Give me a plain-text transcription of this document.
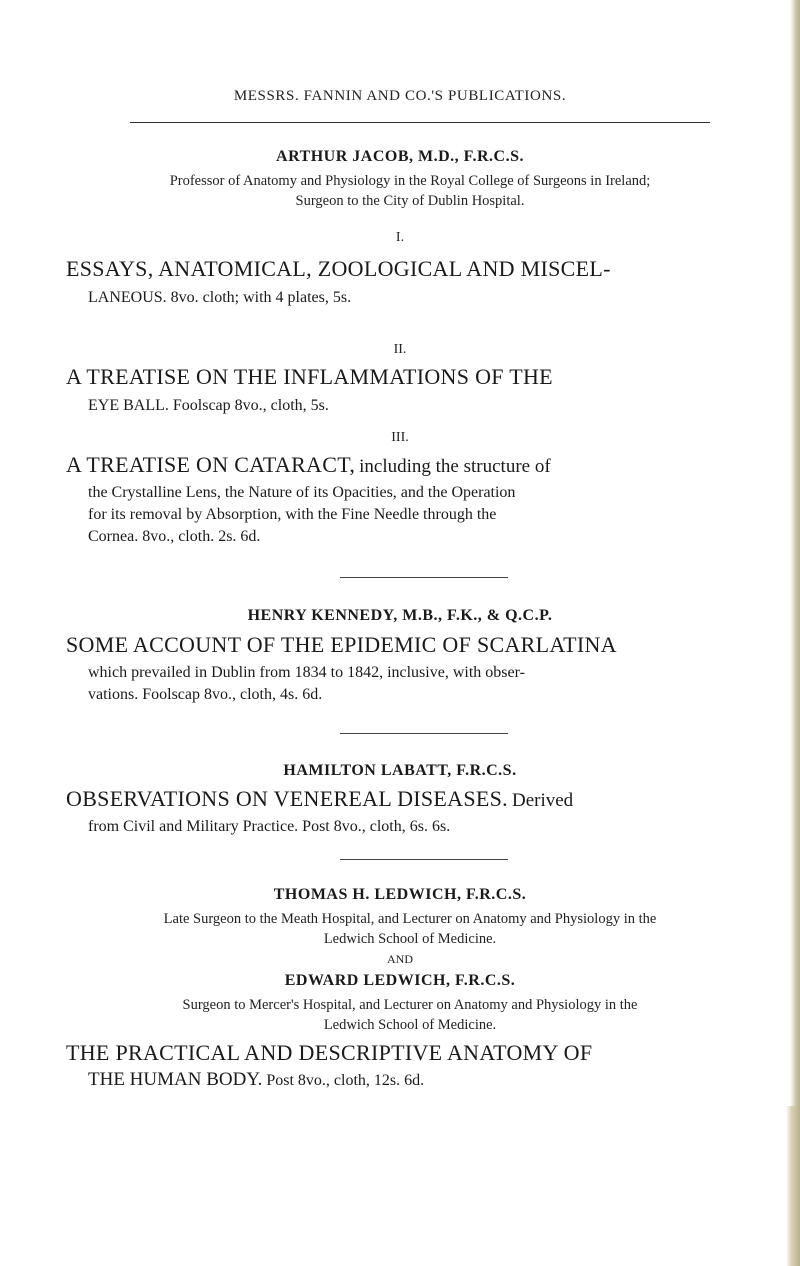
MESSRS. FANNIN AND CO.'S PUBLICATIONS.
ARTHUR JACOB, M.D., F.R.C.S.
Professor of Anatomy and Physiology in the Royal College of Surgeons in Ireland;
Surgeon to the City of Dublin Hospital.
I.

ESSAYS, ANATOMICAL, ZOOLOGICAL AND MISCEL-

LANEOUS. 8vo. cloth; with 4 plates, 5s.

II.

A TREATISE ON THE INFLAMMATIONS OF THE

EYE BALL. Foolscap 8vo., cloth, 5s.

III.

A TREATISE ON CATARACT, including the structure of

the Crystalline Lens, the Nature of its Opacities, and the Operation

for its removal by Absorption, with the Fine Needle through the

Cornea. 8vo., cloth. 2s. 6d.

HENRY KENNEDY, M.B., F.K., & Q.C.P.

SOME ACCOUNT OF THE EPIDEMIC OF SCARLATINA

which prevailed in Dublin from 1834 to 1842, inclusive, with obser-

vations. Foolscap 8vo., cloth, 4s. 6d.

HAMILTON LABATT, F.R.C.S.

OBSERVATIONS ON VENEREAL DISEASES. Derived

from Civil and Military Practice. Post 8vo., cloth, 6s. 6s.

THOMAS H. LEDWICH, F.R.C.S.
Late Surgeon to the Meath Hospital, and Lecturer on Anatomy and Physiology in the
Ledwich School of Medicine.
AND
EDWARD LEDWICH, F.R.C.S.
Surgeon to Mercer's Hospital, and Lecturer on Anatomy and Physiology in the
Ledwich School of Medicine.

THE PRACTICAL AND DESCRIPTIVE ANATOMY OF

THE HUMAN BODY. Post 8vo., cloth, 12s. 6d.
